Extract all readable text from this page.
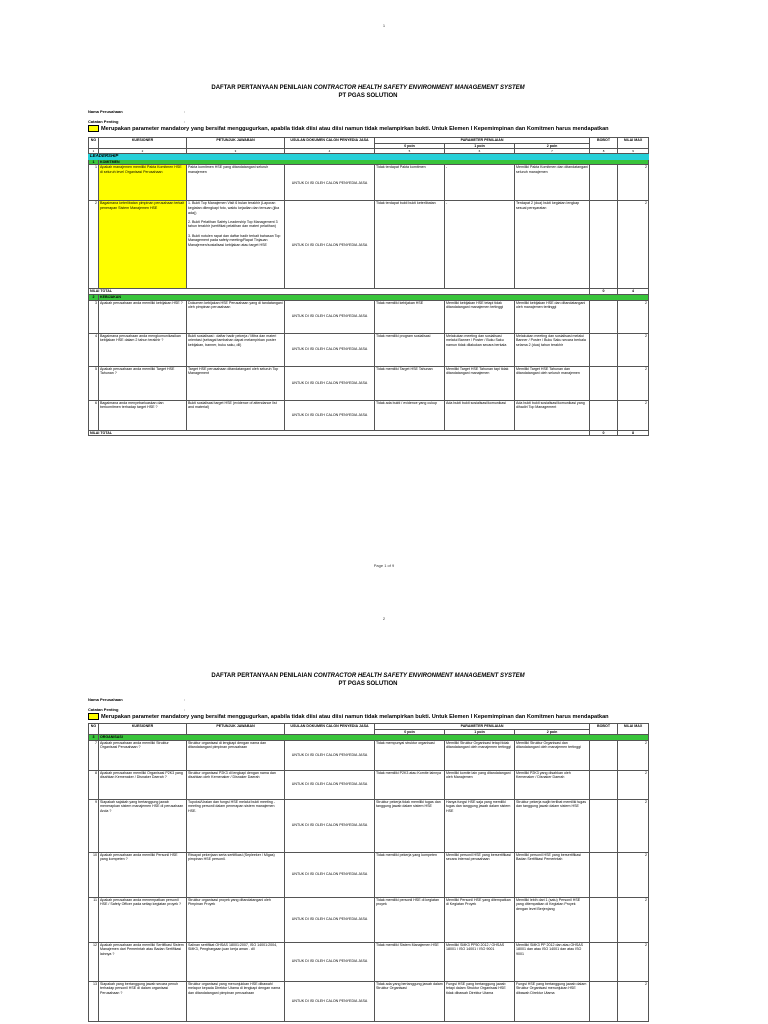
1
DAFTAR PERTANYAAN PENILAIAN CONTRACTOR HEALTH SAFETY ENVIRONMENT MANAGEMENT SYSTEM
PT PGAS SOLUTION
Nama Perusahaan	:
Catatan Penting	:
Merupakan parameter mandatory yang bersifat menggugurkan, apabila tidak diisi atau diisi namun tidak melampirkan bukti. Untuk Elemen I Kepemimpinan dan Komitmen harus mendapatkan
NO	KUESIONER	PETUNJUK JAWABAN	USULAN DOKUMEN CALON PENYEDIA JASA	PARAMETER PENILAIAN			BOBOT	NILAI MAX
				0 poin	1 poin	2 poin		
1	2	3	4	5	6	7	8	9
LEADERSHIP								
1	KOMITMEN							
1	Apakah manajemen memiliki Pakta Komitmen HSE di seluruh level Organisasi Perusahaan	Pakta komitmen HSE yang ditandatangani seluruh manajemen	UNTUK DI ISI OLEH CALON PENYEDIA JASA	Tidak terdapat Pakta komitmen	-	Memiliki Pakta Komitmen dan ditandatangani seluruh manajemen		2
2	Bagaimana keterlibatan pimpinan perusahaan terkait penerapan Sistem Manajemen HSE	1. Bukti Top Manajemen Visit 6 bulan terakhir (Laporan kegiatan dilengkapi foto, waktu kejadian dan temuan (jika ada))

2. Bukti Pelatihan Safety Leadership Top Management 3 tahun terakhir (sertifikat pelatihan dan materi pelatihan)

3. Bukti notulen rapat dan daftar hadir terkait bahasan Top Management pada safety meeting/Rapat Tinjauan Manajemen/sosialisasi kebijakan atau target HSE	UNTUK DI ISI OLEH CALON PENYEDIA JASA	Tidak terdapat bukti bukti keterlibatan	-	Terdapat 2 (dua) bukti kegiatan lengkap sesuai persyaratan		2
NILAI TOTAL							0	4
2	KEBIJAKAN							
3	Apakah perusahaan anda memiliki kebijakan HSE ?	Dokumen kebijakan HSE Perusahaan yang di tandatangani oleh pimpinan perusahaan	UNTUK DI ISI OLEH CALON PENYEDIA JASA	Tidak memiliki kebijakan HSE	Memiliki kebijakan HSE tetapi tidak ditandatangani manajemen tertinggi	Memiliki kebijakan HSE dan ditandatangani oleh manajemen tertinggi		2
4	Bagaimana perusahaan anda mengkomunikasikan kebijakan HSE dalam 2 tahun terakhir ?	Bukti sosialisasi : daftar hadir pekerja / Mitra dan materi orientasi (sebagai tambahan dapat melampirkan poster kebijakan, banner, buku saku, dll)	UNTUK DI ISI OLEH CALON PENYEDIA JASA	Tidak memiliki program sosialisasi	Melakukan meeting dan sosialisasi melalui Banner / Poster / Buku Saku namun tidak dilakukan secara berkala	Melakukan meeting dan sosialisasi melalui Banner / Poster / Buku Saku secara berkala selama 2 (dua) tahun terakhir		2
5	Apakah perusahaan anda memiliki Target HSE Tahunan ?	Target HSE perusahaan ditandatangani oleh seluruh Top Management	UNTUK DI ISI OLEH CALON PENYEDIA JASA	Tidak memiliki Target HSE Tahunan	Memiliki Target HSE Tahunan tapi tidak ditandatangani manajemen	Memiliki Target HSE Tahunan dan ditandatangani oleh seluruh manajemen		2
6	Bagaimana anda menyebarluaskan dan berkomitmen terhadap target HSE ?	Bukti sosialisasi target HSE (evidence of attendance list and material)	UNTUK DI ISI OLEH CALON PENYEDIA JASA	Tidak ada bukti / evidence yang cukup	Ada bukti bukti sosialisasi/komunikasi	Ada bukti bukti sosialisasi/komunikasi yang dihadiri Top Management		2
NILAI TOTAL							0	8
Page 1 of 9
2
DAFTAR PERTANYAAN PENILAIAN CONTRACTOR HEALTH SAFETY ENVIRONMENT MANAGEMENT SYSTEM
PT PGAS SOLUTION
Nama Perusahaan	:
Catatan Penting	:
Merupakan parameter mandatory yang bersifat menggugurkan, apabila tidak diisi atau diisi namun tidak melampirkan bukti. Untuk Elemen I Kepemimpinan dan Komitmen harus mendapatkan
NO	KUESIONER	PETUNJUK JAWABAN	USULAN DOKUMEN CALON PENYEDIA JASA	PARAMETER PENILAIAN			BOBOT	NILAI MAX
				0 poin	1 poin	2 poin		
3	ORGANISASI							
7	Apakah perusahaan anda memiliki Struktur Organisasi Perusahaan ?	Struktur organisasi di lengkapi dengan nama dan ditandatangani pimpinan perusahaan	UNTUK DI ISI OLEH CALON PENYEDIA JASA	Tidak mempunyai struktur organisasi	Memiliki Struktur Organisasi tetapi tidak ditandatangani oleh manajemen tertinggi	Memiliki Struktur Organisasi dan ditandatangani oleh manajemen tertinggi		2
8	Apakah perusahaan memiliki Organisasi P2K3 yang disahkan Kemenaker / Disnaker Daerah ?	Struktur organisasi P2K3 di lengkapi dengan nama dan disahkan oleh Kemenaker / Disnaker Daerah	UNTUK DI ISI OLEH CALON PENYEDIA JASA	Tidak memiliki P2K3 atau Komite lainnya	Memiliki komite lain yang ditandatangani oleh Manajemen	Memiliki P2K3 yang disahkan oleh Kemenaker / Disnaker Daerah		2
9	Siapakah sajakah yang bertanggung jawab menerapkan sistem manajemen HSE di perusahaan Anda ?	Tupoksi/Uraian dan fungsi HSE melalui bukti meeting - meeting personil dalam penerapan sistem manajemen HSE.	UNTUK DI ISI OLEH CALON PENYEDIA JASA	Struktur pekerja tidak memiliki tugas dan tanggung jawab dalam sistem HSE	Hanya fungsi HSE saja yang memiliki tugas dan tanggung jawab dalam sistem HSE	Struktur pekerja wajib terlibat memiliki tugas dan tanggung jawab dalam sistem HSE		2
10	Apakah perusahaan anda memiliki Personil HSE yang kompeten ?	Riwayat pekerjaan serta sertifikasi (Sepleeker / Migas) pimpinan HSE personil.	UNTUK DI ISI OLEH CALON PENYEDIA JASA	Tidak memiliki pekerja yang kompeten	Memiliki personil HSE yang bersertifikasi secara internal perusahaan	Memiliki personil HSE yang bersertifikasi Badan Sertifikasi Pemerintah		2
11	Apakah perusahaan anda menempatkan personil HSE / Safety Officer pada setiap kegiatan proyek ?	Struktur organisasi proyek yang ditandatangani oleh Pimpinan Proyek	UNTUK DI ISI OLEH CALON PENYEDIA JASA	Tidak memiliki personil HSE di kegiatan proyek	Memiliki Personil HSE yang ditempatkan di Kegiatan Proyek	Memiliki lebih dari 1 (satu) Personil HSE yang ditempatkan di Kegiatan Proyek dengan level Berjenjang		2
12	Apakah perusahaan anda memiliki Sertifikasi Sistem Manajemen dari Pemerintah atau Badan Sertifikasi lainnya ?	Salinan sertifikat OHSAS 18001:2007, ISO 14001:2004, SMK3, Penghargaan juan kerja aman . dll	UNTUK DI ISI OLEH CALON PENYEDIA JASA	Tidak memiliki Sistem Manajemen HSE	Memiliki SMK3 PP50 2012 / OHSAS 18001 / ISO 14001 / ISO 9001	Memiliki SMK3 PP 2012 dan atau OHSAS 18001 dan atau ISO 14001 dan atau ISO 9001		2
13	Siapakah yang bertanggung jawab secara penuh terhadap personil HSE di dalam organisasi Perusahaan ?	Struktur organisasi yang menunjukkan HSE dibawah/ melapor kepada Direktur Utama di lengkapi dengan nama dan ditandatangani pimpinan perusahaan	UNTUK DI ISI OLEH CALON PENYEDIA JASA	Tidak ada yang bertanggung jawab dalam Struktur Organisasi	Fungsi HSE yang bertanggung jawab tetapi dalam Struktur Organisasi HSE tidak dibawah Direktur Utama	Fungsi HSE yang bertanggung jawab dalam Struktur Organisasi menunjukan HSE dibawah Direktur Utama		2
